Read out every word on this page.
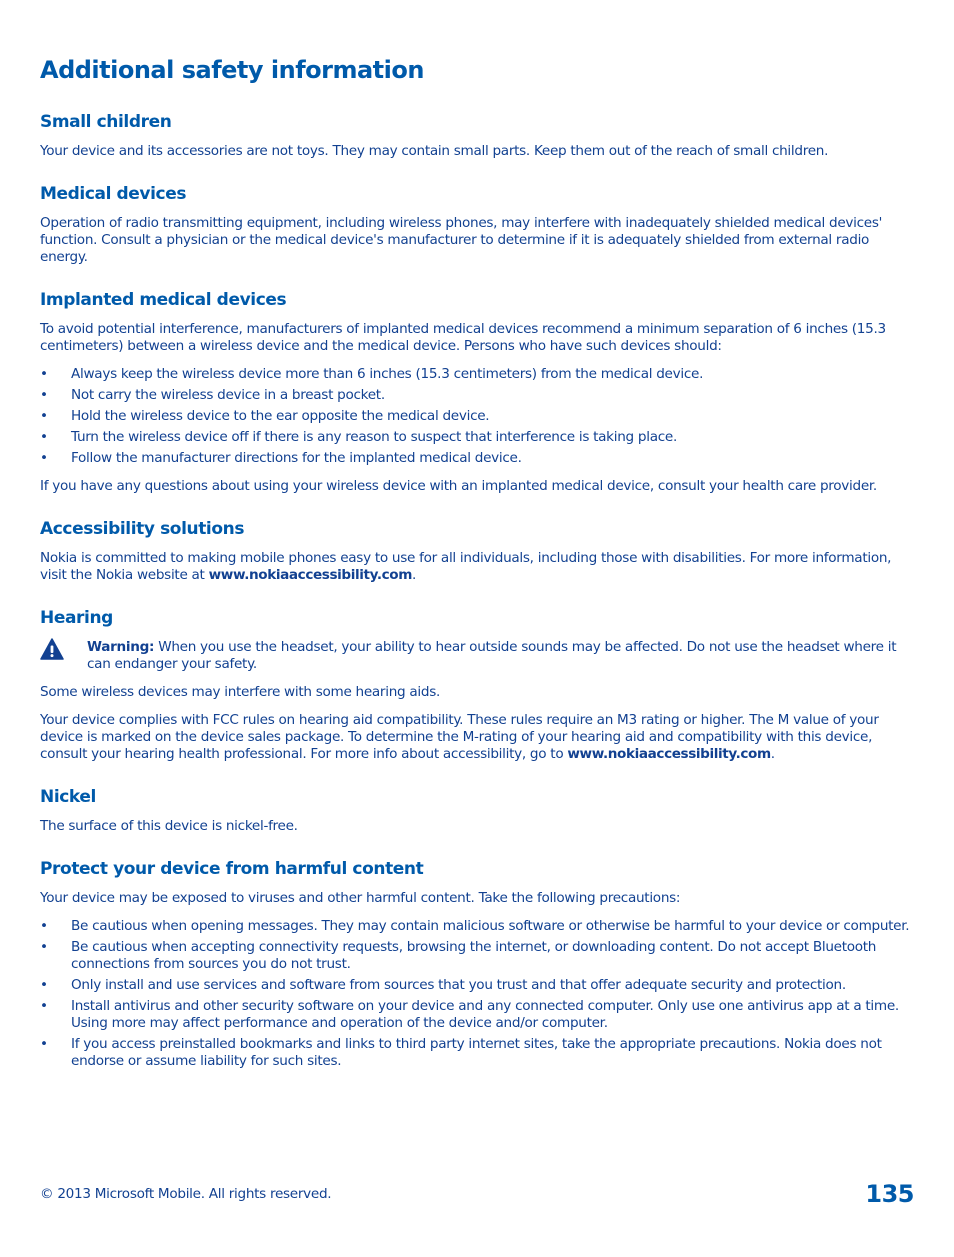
Additional safety information
Small children

Your device and its accessories are not toys. They may contain small parts. Keep them out of the reach of small children.

Medical devices

Operation of radio transmitting equipment, including wireless phones, may interfere with inadequately shielded medical devices' function. Consult a physician or the medical device's manufacturer to determine if it is adequately shielded from external radio energy.

Implanted medical devices

To avoid potential interference, manufacturers of implanted medical devices recommend a minimum separation of 6 inches (15.3 centimeters) between a wireless device and the medical device. Persons who have such devices should:

• Always keep the wireless device more than 6 inches (15.3 centimeters) from the medical device.
• Not carry the wireless device in a breast pocket.
• Hold the wireless device to the ear opposite the medical device.
• Turn the wireless device off if there is any reason to suspect that interference is taking place.
• Follow the manufacturer directions for the implanted medical device.

If you have any questions about using your wireless device with an implanted medical device, consult your health care provider.

Accessibility solutions

Nokia is committed to making mobile phones easy to use for all individuals, including those with disabilities. For more information, visit the Nokia website at www.nokiaaccessibility.com.

Hearing

Warning: When you use the headset, your ability to hear outside sounds may be affected. Do not use the headset where it can endanger your safety.

Some wireless devices may interfere with some hearing aids.

Your device complies with FCC rules on hearing aid compatibility. These rules require an M3 rating or higher. The M value of your device is marked on the device sales package. To determine the M-rating of your hearing aid and compatibility with this device, consult your hearing health professional. For more info about accessibility, go to www.nokiaaccessibility.com.

Nickel

The surface of this device is nickel-free.

Protect your device from harmful content

Your device may be exposed to viruses and other harmful content. Take the following precautions:

• Be cautious when opening messages. They may contain malicious software or otherwise be harmful to your device or computer.
• Be cautious when accepting connectivity requests, browsing the internet, or downloading content. Do not accept Bluetooth connections from sources you do not trust.
• Only install and use services and software from sources that you trust and that offer adequate security and protection.
• Install antivirus and other security software on your device and any connected computer. Only use one antivirus app at a time. Using more may affect performance and operation of the device and/or computer.
• If you access preinstalled bookmarks and links to third party internet sites, take the appropriate precautions. Nokia does not endorse or assume liability for such sites.
© 2013 Microsoft Mobile. All rights reserved.	135
